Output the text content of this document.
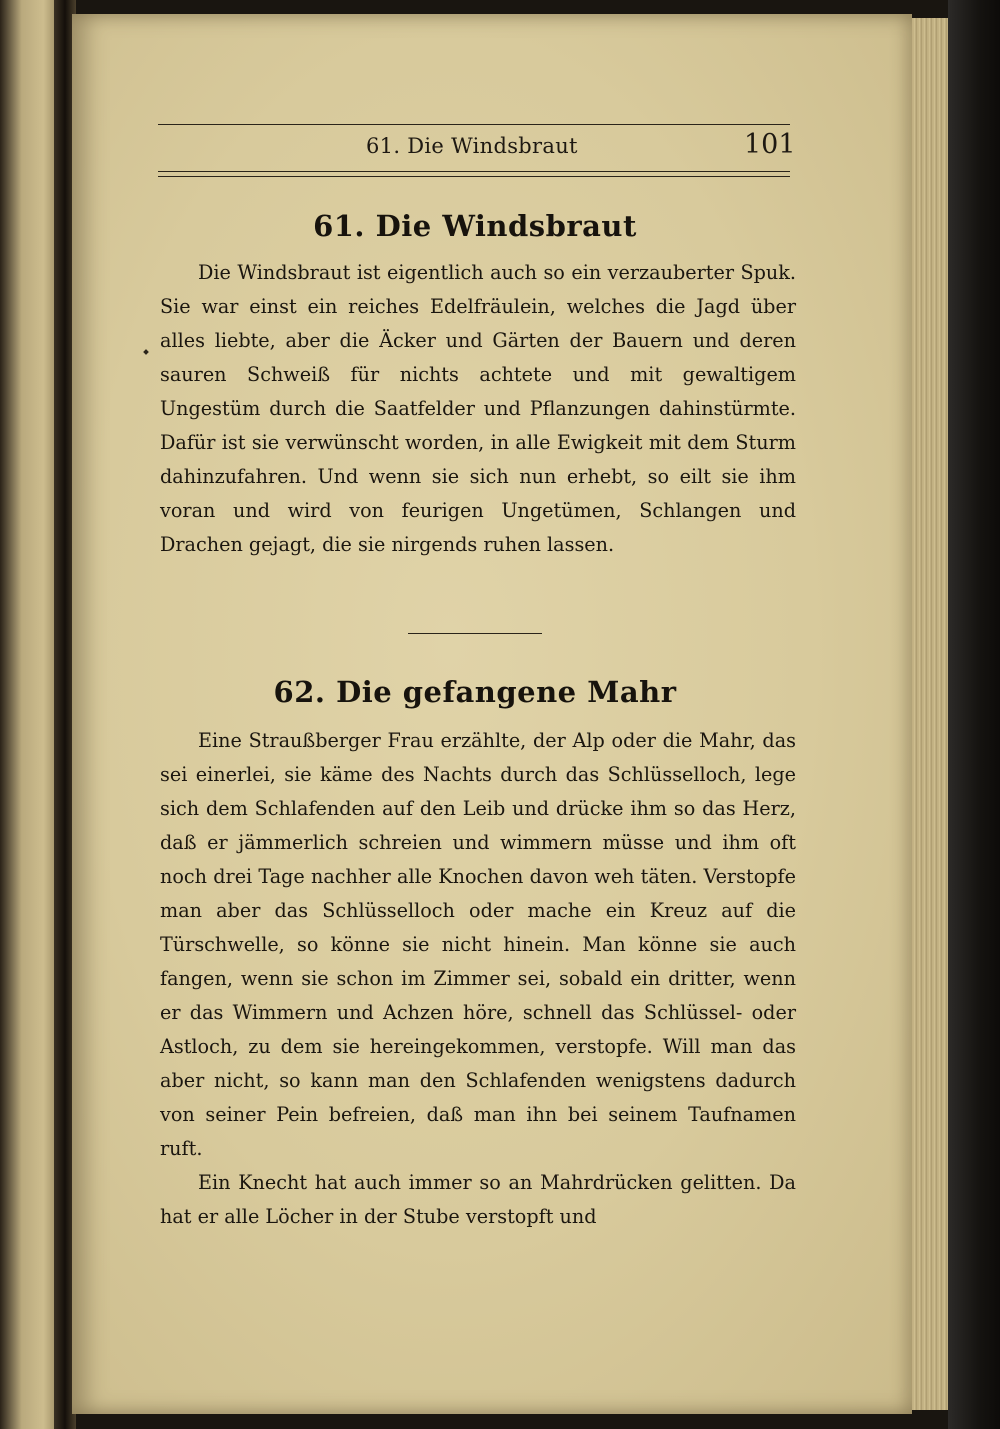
61. Die Windsbraut	101
61. Die Windsbraut

Die Windsbraut ist eigentlich auch so ein verzauberter Spuk. Sie war einst ein reiches Edelfräulein, welches die Jagd über alles liebte, aber die Äcker und Gärten der Bauern und deren sauren Schweiß für nichts achtete und mit gewaltigem Ungestüm durch die Saatfelder und Pflanzungen dahinstürmte. Dafür ist sie verwünscht worden, in alle Ewigkeit mit dem Sturm dahinzufahren. Und wenn sie sich nun erhebt, so eilt sie ihm voran und wird von feurigen Ungetümen, Schlangen und Drachen gejagt, die sie nirgends ruhen lassen.

62. Die gefangene Mahr

Eine Straußberger Frau erzählte, der Alp oder die Mahr, das sei einerlei, sie käme des Nachts durch das Schlüsselloch, lege sich dem Schlafenden auf den Leib und drücke ihm so das Herz, daß er jämmerlich schreien und wimmern müsse und ihm oft noch drei Tage nachher alle Knochen davon weh täten. Verstopfe man aber das Schlüsselloch oder mache ein Kreuz auf die Türschwelle, so könne sie nicht hinein. Man könne sie auch fangen, wenn sie schon im Zimmer sei, sobald ein dritter, wenn er das Wimmern und Achzen höre, schnell das Schlüssel- oder Astloch, zu dem sie hereingekommen, verstopfe. Will man das aber nicht, so kann man den Schlafenden wenigstens dadurch von seiner Pein befreien, daß man ihn bei seinem Taufnamen ruft.

Ein Knecht hat auch immer so an Mahrdrücken gelitten. Da hat er alle Löcher in der Stube verstopft und
